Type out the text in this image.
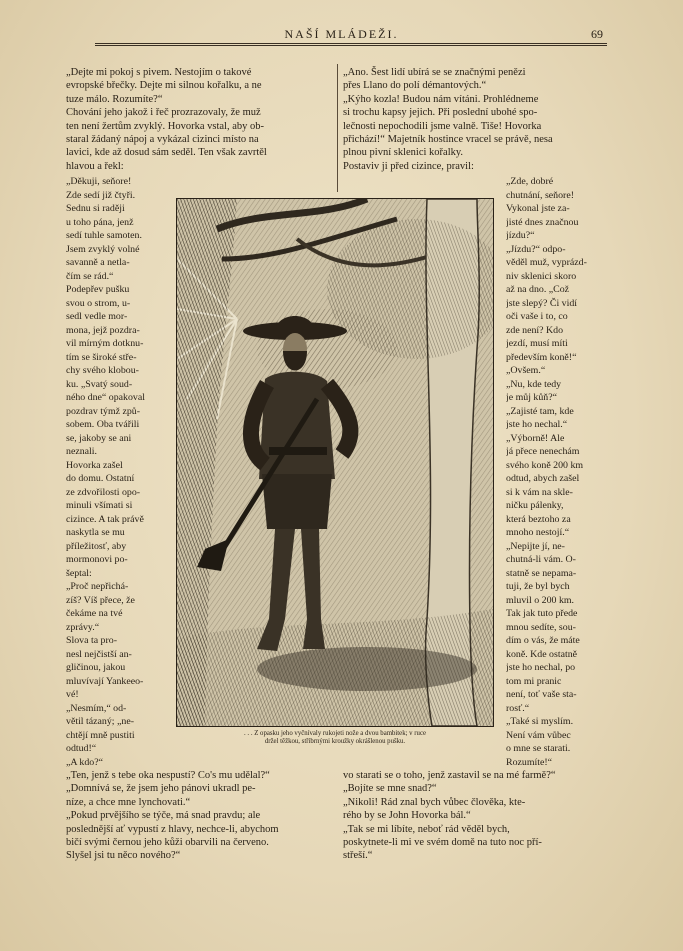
NAŠÍ MLÁDEŽI.	69
„Dejte mi pokoj s pivem. Nestojím o takové
evropské břečky. Dejte mi silnou kořalku, a ne
tuze málo. Rozumíte?“
Chování jeho jakož i řeč prozrazovaly, že muž
ten není žertům zvyklý. Hovorka vstal, aby ob-
staral žádaný nápoj a vykázal cizinci místo na
lavici, kde až dosud sám seděl. Ten však zavrtěl
hlavou a řekl:
„Děkuji, seňore!
Zde sedí již čtyři.
Sednu si raději
u toho pána, jenž
sedí tuhle samoten.
Jsem zvyklý volné
savanně a netla-
čím se rád.“
Podepřev pušku
svou o strom, u-
sedl vedle mor-
mona, jejž pozdra-
vil mírným dotknu-
tím se široké stře-
chy svého klobou-
ku. „Svatý soud-
ného dne“ opakoval
pozdrav týmž způ-
sobem. Oba tvářili
se, jakoby se ani
neznali.
Hovorka zašel
do domu. Ostatní
ze zdvořilosti opo-
minuli všímati si
cizince. A tak právě
naskytla se mu
příležitosť, aby
mormonovi po-
šeptal:
„Proč nepřichá-
zíš? Víš přece, že
čekáme na tvé
zprávy.“
Slova ta pro-
nesl nejčistší an-
gličinou, jakou
mluvívají Yankeeo-
vé!
„Nesmím,“ od-
větil tázaný; „ne-
chtějí mně pustiti
odtud!“
„A kdo?“

„Ten, jenž s tebe oka nespustí? Co's mu udělal?“
„Domnívá se, že jsem jeho pánovi ukradl pe-
níze, a chce mne lynchovati.“
„Pokud prvějšího se týče, má snad pravdu; ale
poslednější ať vypustí z hlavy, nechce-li, abychom
bičí svými černou jeho kůži obarvili na červeno.
Slyšel jsi tu něco nového?“
„Ano. Šest lidí ubírá se se značnými penězi
přes Llano do polí démantových.“
„Kýho kozla! Budou nám vítáni. Prohlédneme
si trochu kapsy jejich. Při poslední ubohé spo-
lečnosti nepochodili jsme valně. Tiše! Hovorka
přichází!“ Majetník hostince vracel se právě, nesa
plnou pivní sklenici kořalky.
Postaviv ji před cizince, pravil:
„Zde, dobré
chutnání, seňore!
Vykonal jste za-
jisté dnes značnou
jízdu?“
„Jízdu?“ odpo-
věděl muž, vyprázd-
niv sklenici skoro
až na dno. „Což
jste slepý? Či vidí
oči vaše i to, co
zde není? Kdo
jezdí, musí míti
především koně!“
„Ovšem.“
„Nu, kde tedy
je můj kůň?“
„Zajisté tam, kde
jste ho nechal.“
„Výborně! Ale
já přece nenechám
svého koně 200 km
odtud, abych zašel
si k vám na skle-
ničku pálenky,
která beztoho za
mnoho nestojí.“
„Nepijte jí, ne-
chutná-li vám. O-
statně se nepama-
tuji, že byl bych
mluvil o 200 km.
Tak jak tuto přede
mnou sedíte, sou-
dím o vás, že máte
koně. Kde ostatně
jste ho nechal, po
tom mi pranic
není, toť vaše sta-
rosť.“
„Také si myslím.
Není vám vůbec
o mne se starati.
Rozumíte!“

vo starati se o toho, jenž zastavil se na mé farmě?“
„Bojíte se mne snad?“
„Nikoli! Rád znal bych vůbec člověka, kte-
rého by se John Hovorka bál.“
„Tak se mi líbíte, neboť rád věděl bych,
poskytnete-li mi ve svém domě na tuto noc pří-
střeší.“
. . . Z opasku jeho vyčnívaly rukojeti nože a dvou bambitek; v ruce
držel těžkou, stříbrnými kroužky okrášlenou pušku.
